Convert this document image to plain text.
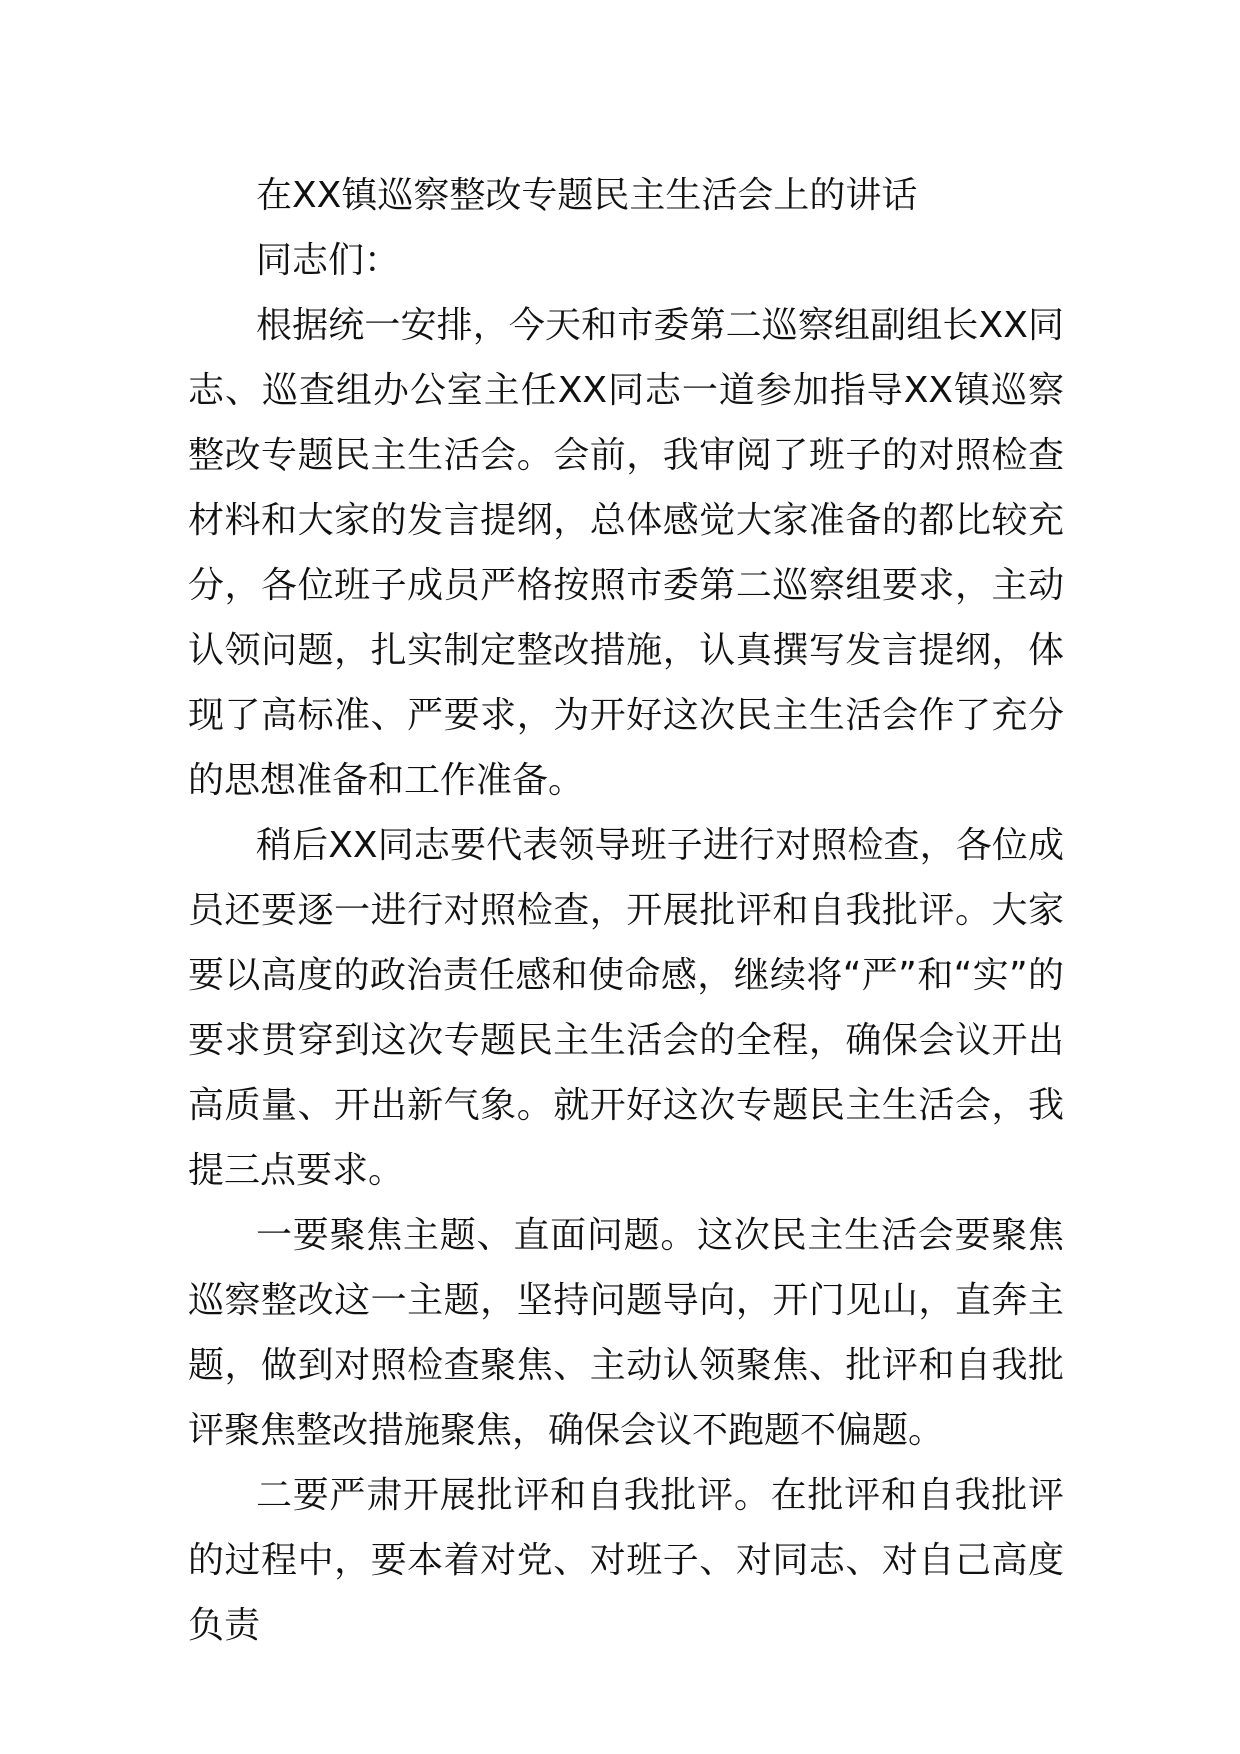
在XX镇巡察整改专题民主生活会上的讲话

同志们：

根据统一安排，今天和市委第二巡察组副组长XX同志、巡查组办公室主任XX同志一道参加指导XX镇巡察整改专题民主生活会。会前，我审阅了班子的对照检查材料和大家的发言提纲，总体感觉大家准备的都比较充分，各位班子成员严格按照市委第二巡察组要求，主动认领问题，扎实制定整改措施，认真撰写发言提纲，体现了高标准、严要求，为开好这次民主生活会作了充分的思想准备和工作准备。

稍后XX同志要代表领导班子进行对照检查，各位成员还要逐一进行对照检查，开展批评和自我批评。大家要以高度的政治责任感和使命感，继续将“严”和“实”的要求贯穿到这次专题民主生活会的全程，确保会议开出高质量、开出新气象。就开好这次专题民主生活会，我提三点要求。

一要聚焦主题、直面问题。这次民主生活会要聚焦巡察整改这一主题，坚持问题导向，开门见山，直奔主题，做到对照检查聚焦、主动认领聚焦、批评和自我批评聚焦整改措施聚焦，确保会议不跑题不偏题。

二要严肃开展批评和自我批评。在批评和自我批评的过程中，要本着对党、对班子、对同志、对自己高度负责
